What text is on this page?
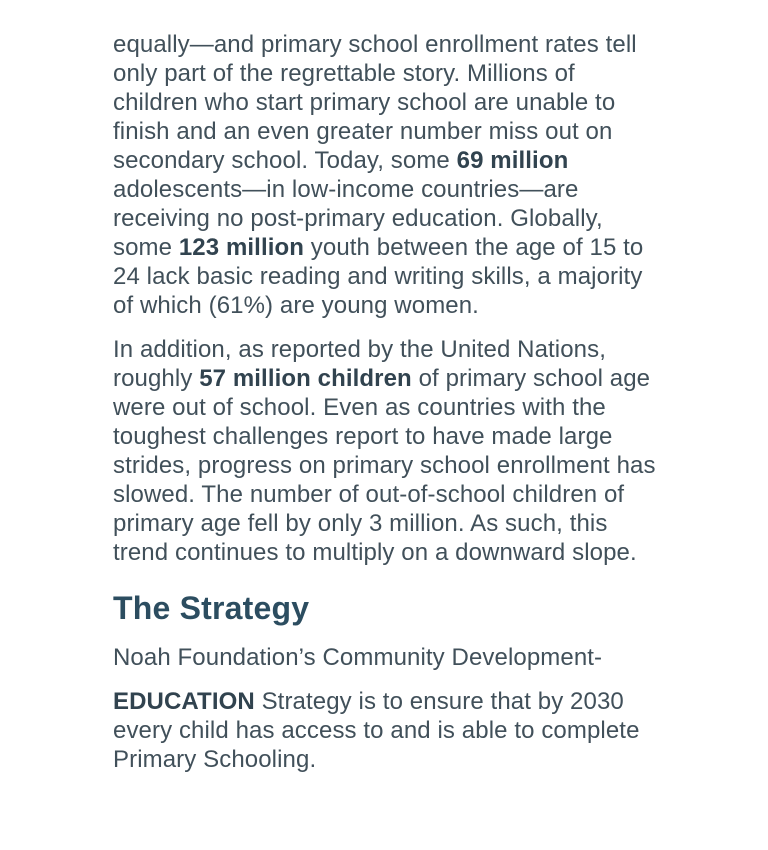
equally—and primary school enrollment rates tell only part of the regrettable story. Millions of children who start primary school are unable to finish and an even greater number miss out on secondary school. Today, some 69 million adolescents—in low-income countries—are receiving no post-primary education. Globally, some 123 million youth between the age of 15 to 24 lack basic reading and writing skills, a majority of which (61%) are young women.

In addition, as reported by the United Nations, roughly 57 million children of primary school age were out of school. Even as countries with the toughest challenges report to have made large strides, progress on primary school enrollment has slowed. The number of out-of-school children of primary age fell by only 3 million. As such, this trend continues to multiply on a downward slope.

The Strategy

Noah Foundation’s Community Development-

EDUCATION Strategy is to ensure that by 2030 every child has access to and is able to complete Primary Schooling.
